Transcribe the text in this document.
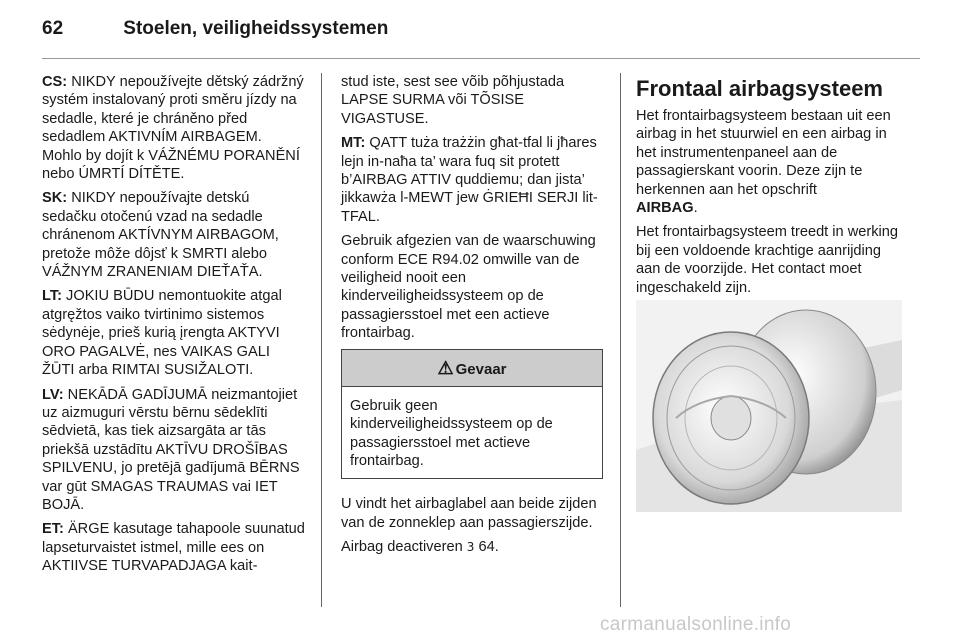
62	Stoelen, veiligheidssystemen

CS: NIKDY nepoužívejte dětský zádržný systém instalovaný proti směru jízdy na sedadle, které je chráněno před sedadlem AKTIVNÍM AIRBAGEM. Mohlo by dojít k VÁŽNÉMU PORANĚNÍ nebo ÚMRTÍ DÍTĚTE.

SK: NIKDY nepoužívajte detskú sedačku otočenú vzad na sedadle chránenom AKTÍVNYM AIRBAGOM, pretože môže dôjsť k SMRTI alebo VÁŽNYM ZRANENIAM DIEŤAŤA.

LT: JOKIU BŪDU nemontuokite atgal atgręžtos vaiko tvirtinimo sistemos sėdynėje, prieš kurią įrengta AKTYVI ORO PAGALVĖ, nes VAIKAS GALI ŽŪTI arba RIMTAI SUSIŽALOTI.

LV: NEKĀDĀ GADĪJUMĀ neizmantojiet uz aizmuguri vērstu bērnu sēdeklīti sēdvietā, kas tiek aizsargāta ar tās priekšā uzstādītu AKTĪVU DROŠĪBAS SPILVENU, jo pretējā gadījumā BĒRNS var gūt SMAGAS TRAUMAS vai IET BOJĀ.

ET: ÄRGE kasutage tahapoole suunatud lapseturvaistet istmel, mille ees on AKTIIVSE TURVAPADJAGA kait-

stud iste, sest see võib põhjustada LAPSE SURMA või TÕSISE VIGASTUSE.

MT: QATT tuża trażżin għat-tfal li jħares lejn in-naħa ta’ wara fuq sit protett b’AIRBAG ATTIV quddiemu; dan jista’ jikkawża l-MEWT jew ĠRIEĦI SERJI lit-TFAL.

Gebruik afgezien van de waarschuwing conform ECE R94.02 omwille van de veiligheid nooit een kinderveiligheidssysteem op de passagiersstoel met een actieve frontairbag.

⚠ Gevaar
Gebruik geen kinderveiligheidssysteem op de passagiersstoel met actieve frontairbag.

U vindt het airbaglabel aan beide zijden van de zonneklep aan passagierszijde.

Airbag deactiveren 3 64.

Frontaal airbagsysteem

Het frontairbagsysteem bestaan uit een airbag in het stuurwiel en een airbag in het instrumentenpaneel aan de passagierskant voorin. Deze zijn te herkennen aan het opschrift
AIRBAG.

Het frontairbagsysteem treedt in werking bij een voldoende krachtige aanrijding aan de voorzijde. Het contact moet ingeschakeld zijn.

carmanualsonline.info
